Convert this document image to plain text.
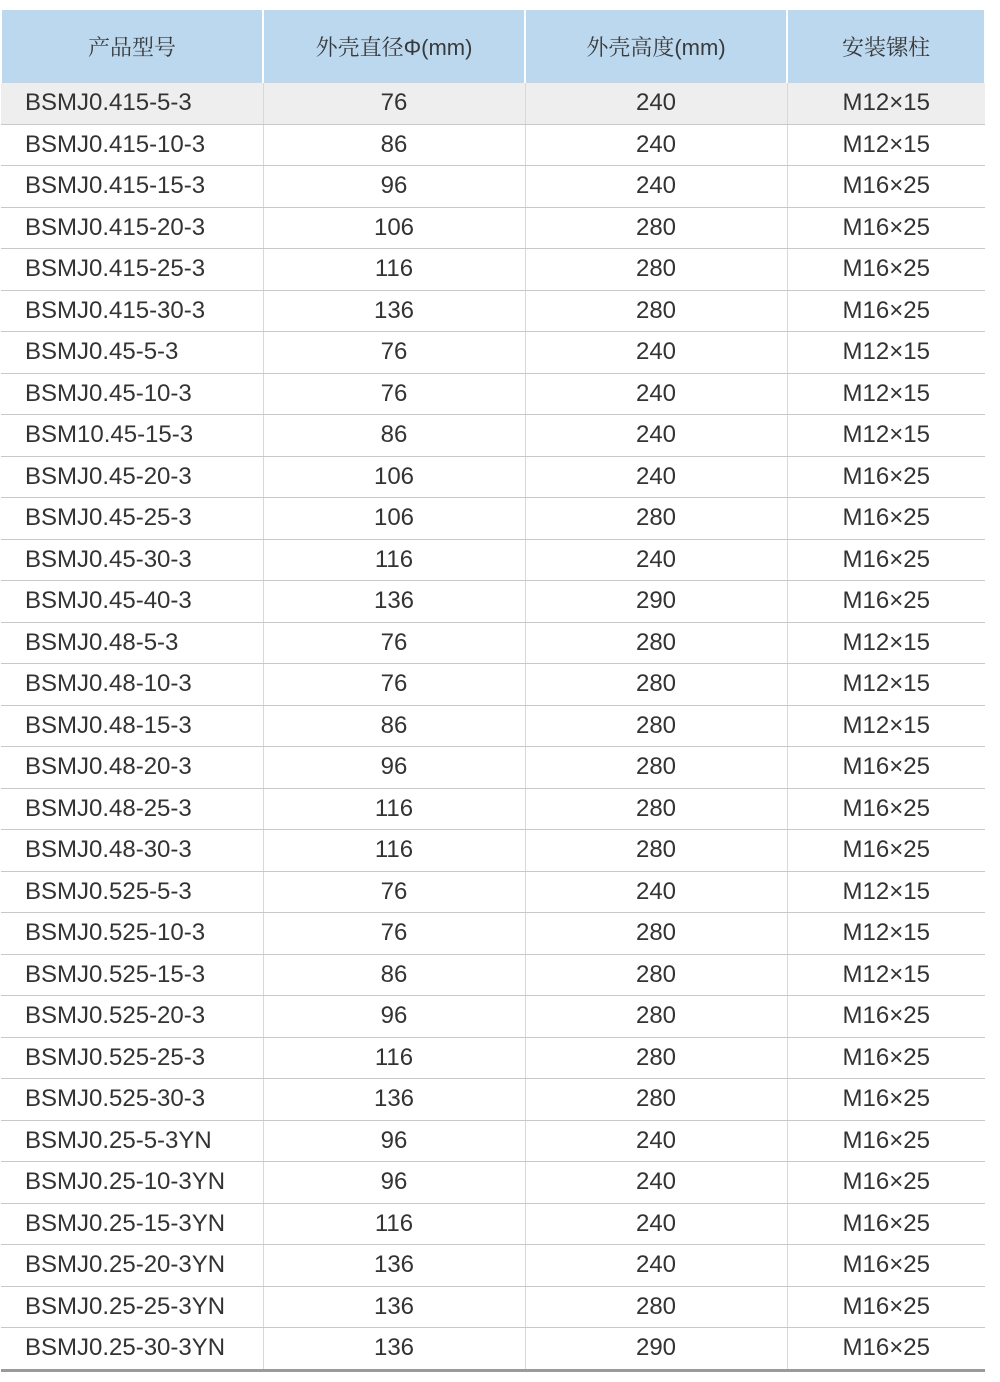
产品型号	外壳直径Φ(mm)	外壳高度(mm)	安装镙柱
BSMJ0.415-5-3	76	240	M12×15
BSMJ0.415-10-3	86	240	M12×15
BSMJ0.415-15-3	96	240	M16×25
BSMJ0.415-20-3	106	280	M16×25
BSMJ0.415-25-3	116	280	M16×25
BSMJ0.415-30-3	136	280	M16×25
BSMJ0.45-5-3	76	240	M12×15
BSMJ0.45-10-3	76	240	M12×15
BSM10.45-15-3	86	240	M12×15
BSMJ0.45-20-3	106	240	M16×25
BSMJ0.45-25-3	106	280	M16×25
BSMJ0.45-30-3	116	240	M16×25
BSMJ0.45-40-3	136	290	M16×25
BSMJ0.48-5-3	76	280	M12×15
BSMJ0.48-10-3	76	280	M12×15
BSMJ0.48-15-3	86	280	M12×15
BSMJ0.48-20-3	96	280	M16×25
BSMJ0.48-25-3	116	280	M16×25
BSMJ0.48-30-3	116	280	M16×25
BSMJ0.525-5-3	76	240	M12×15
BSMJ0.525-10-3	76	280	M12×15
BSMJ0.525-15-3	86	280	M12×15
BSMJ0.525-20-3	96	280	M16×25
BSMJ0.525-25-3	116	280	M16×25
BSMJ0.525-30-3	136	280	M16×25
BSMJ0.25-5-3YN	96	240	M16×25
BSMJ0.25-10-3YN	96	240	M16×25
BSMJ0.25-15-3YN	116	240	M16×25
BSMJ0.25-20-3YN	136	240	M16×25
BSMJ0.25-25-3YN	136	280	M16×25
BSMJ0.25-30-3YN	136	290	M16×25
